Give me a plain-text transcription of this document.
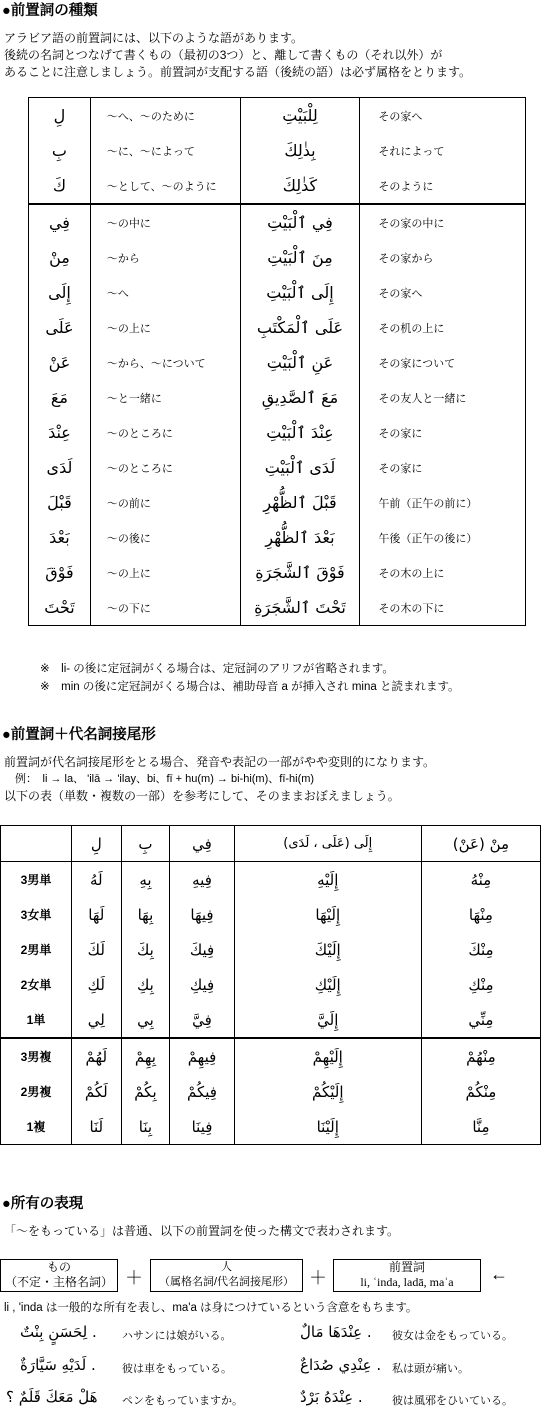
●前置詞の種類
アラビア語の前置詞には、以下のような語があります。
後続の名詞とつなげて書くもの（最初の3つ）と、離して書くもの（それ以外）が
あることに注意しましょう。前置詞が支配する語（後続の語）は必ず属格をとります。
لِ	～へ、～のために	لِلْبَيْتِ	その家へ
بِ	～に、～によって	بِذٰلِكَ	それによって
كَ	～として、～のように	كَذٰلِكَ	そのように
فِي	～の中に	فِي ٱلْبَيْتِ	その家の中に
مِنْ	～から	مِنَ ٱلْبَيْتِ	その家から
إِلَى	～へ	إِلَى ٱلْبَيْتِ	その家へ
عَلَى	～の上に	عَلَى ٱلْمَكْتَبِ	その机の上に
عَنْ	～から、～について	عَنِ ٱلْبَيْتِ	その家について
مَعَ	～と一緒に	مَعَ ٱلصَّدِيقِ	その友人と一緒に
عِنْدَ	～のところに	عِنْدَ ٱلْبَيْتِ	その家に
لَدَى	～のところに	لَدَى ٱلْبَيْتِ	その家に
قَبْلَ	～の前に	قَبْلَ ٱلظُّهْرِ	午前（正午の前に）
بَعْدَ	～の後に	بَعْدَ ٱلظُّهْرِ	午後（正午の後に）
فَوْقَ	～の上に	فَوْقَ ٱلشَّجَرَةِ	その木の上に
تَحْتَ	～の下に	تَحْتَ ٱلشَّجَرَةِ	その木の下に
※　li- の後に定冠詞がくる場合は、定冠詞のアリフが省略されます。
※　min の後に定冠詞がくる場合は、補助母音 a が挿入され mina と読まれます。
●前置詞＋代名詞接尾形
前置詞が代名詞接尾形をとる場合、発音や表記の一部がやや変則的になります。
　例：　li → la、 'ilā → 'ilay、bi、fī + hu(m) → bi-hi(m)、fī-hi(m)
以下の表（単数・複数の一部）を参考にして、そのままおぼえましょう。
	لِ	بِ	فِي	إِلَى (عَلَى ، لَدَى)	مِنْ (عَنْ)
3男単	لَهُ	بِهِ	فِيهِ	إِلَيْهِ	مِنْهُ
3女単	لَهَا	بِهَا	فِيهَا	إِلَيْهَا	مِنْهَا
2男単	لَكَ	بِكَ	فِيكَ	إِلَيْكَ	مِنْكَ
2女単	لَكِ	بِكِ	فِيكِ	إِلَيْكِ	مِنْكِ
1単	لِي	بِي	فِيَّ	إِلَيَّ	مِنِّي
3男複	لَهُمْ	بِهِمْ	فِيهِمْ	إِلَيْهِمْ	مِنْهُمْ
2男複	لَكُمْ	بِكُمْ	فِيكُمْ	إِلَيْكُمْ	مِنْكُمْ
1複	لَنَا	بِنَا	فِينَا	إِلَيْنَا	مِنَّا
●所有の表現
「～をもっている」は普通、以下の前置詞を使った構文で表わされます。
もの
（不定・主格名詞） ＋
人
（属格名詞/代名詞接尾形） ＋
前置詞
li, ʿinda, ladā, maʿa	←
li , 'inda は一般的な所有を表し、ma'a は身につけているという含意をもちます。
. لِحَسَنٍ بِنْتٌ ハサンには娘がいる。	. عِنْدَهَا مَالٌ 彼女は金をもっている。
. لَدَيْهِ سَيَّارَةٌ 彼は車をもっている。	. عِنْدِي صُدَاعٌ 私は頭が痛い。
هَلْ مَعَكَ قَلَمٌ ؟ ペンをもっていますか。	. عِنْدَهُ بَرْدٌ	彼は風邪をひいている。
